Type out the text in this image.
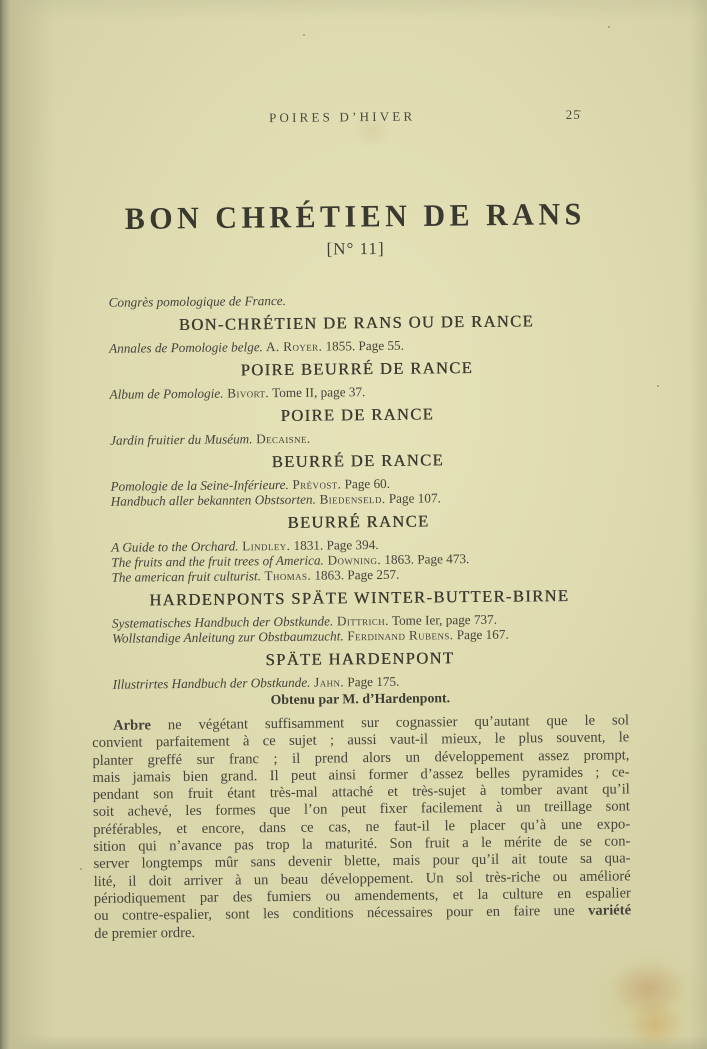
POIRES D’HIVER	25
BON CHRÉTIEN DE RANS
[N° 11]
Congrès pomologique de France.
BON-CHRÉTIEN DE RANS OU DE RANCE
Annales de Pomologie belge. A. Royer. 1855. Page 55.
POIRE BEURRÉ DE RANCE
Album de Pomologie. Bivort. Tome II, page 37.
POIRE DE RANCE
Jardin fruitier du Muséum. Decaisne.
BEURRÉ DE RANCE
Pomologie de la Seine-Inférieure. Prévost. Page 60.
Handbuch aller bekannten Obstsorten. Biedenseld. Page 107.
BEURRÉ RANCE
A Guide to the Orchard. Lindley. 1831. Page 394.
The fruits and the fruit trees of America. Downing. 1863. Page 473.
The american fruit culturist. Thomas. 1863. Page 257.
HARDENPONTS SPÄTE WINTER-BUTTER-BIRNE
Systematisches Handbuch der Obstkunde. Dittrich. Tome Ier, page 737.
Wollstandige Anleitung zur Obstbaumzucht. Ferdinand Rubens. Page 167.
SPÄTE HARDENPONT
Illustrirtes Handbuch der Obstkunde. Jahn. Page 175.
Obtenu par M. d’Hardenpont.
Arbre ne végétant suffisamment sur cognassier qu’autant que le sol
convient parfaitement à ce sujet ; aussi vaut-il mieux, le plus souvent, le
planter greffé sur franc ; il prend alors un développement assez prompt,
mais jamais bien grand. Il peut ainsi former d’assez belles pyramides ; ce-
pendant son fruit étant très-mal attaché et très-sujet à tomber avant qu’il
soit achevé, les formes que l’on peut fixer facilement à un treillage sont
préférables, et encore, dans ce cas, ne faut-il le placer qu’à une expo-
sition qui n’avance pas trop la maturité. Son fruit a le mérite de se con-
server longtemps mûr sans devenir blette, mais pour qu’il ait toute sa qua-
lité, il doit arriver à un beau développement. Un sol très-riche ou amélioré
périodiquement par des fumiers ou amendements, et la culture en espalier
ou contre-espalier, sont les conditions nécessaires pour en faire une variété
de premier ordre.
